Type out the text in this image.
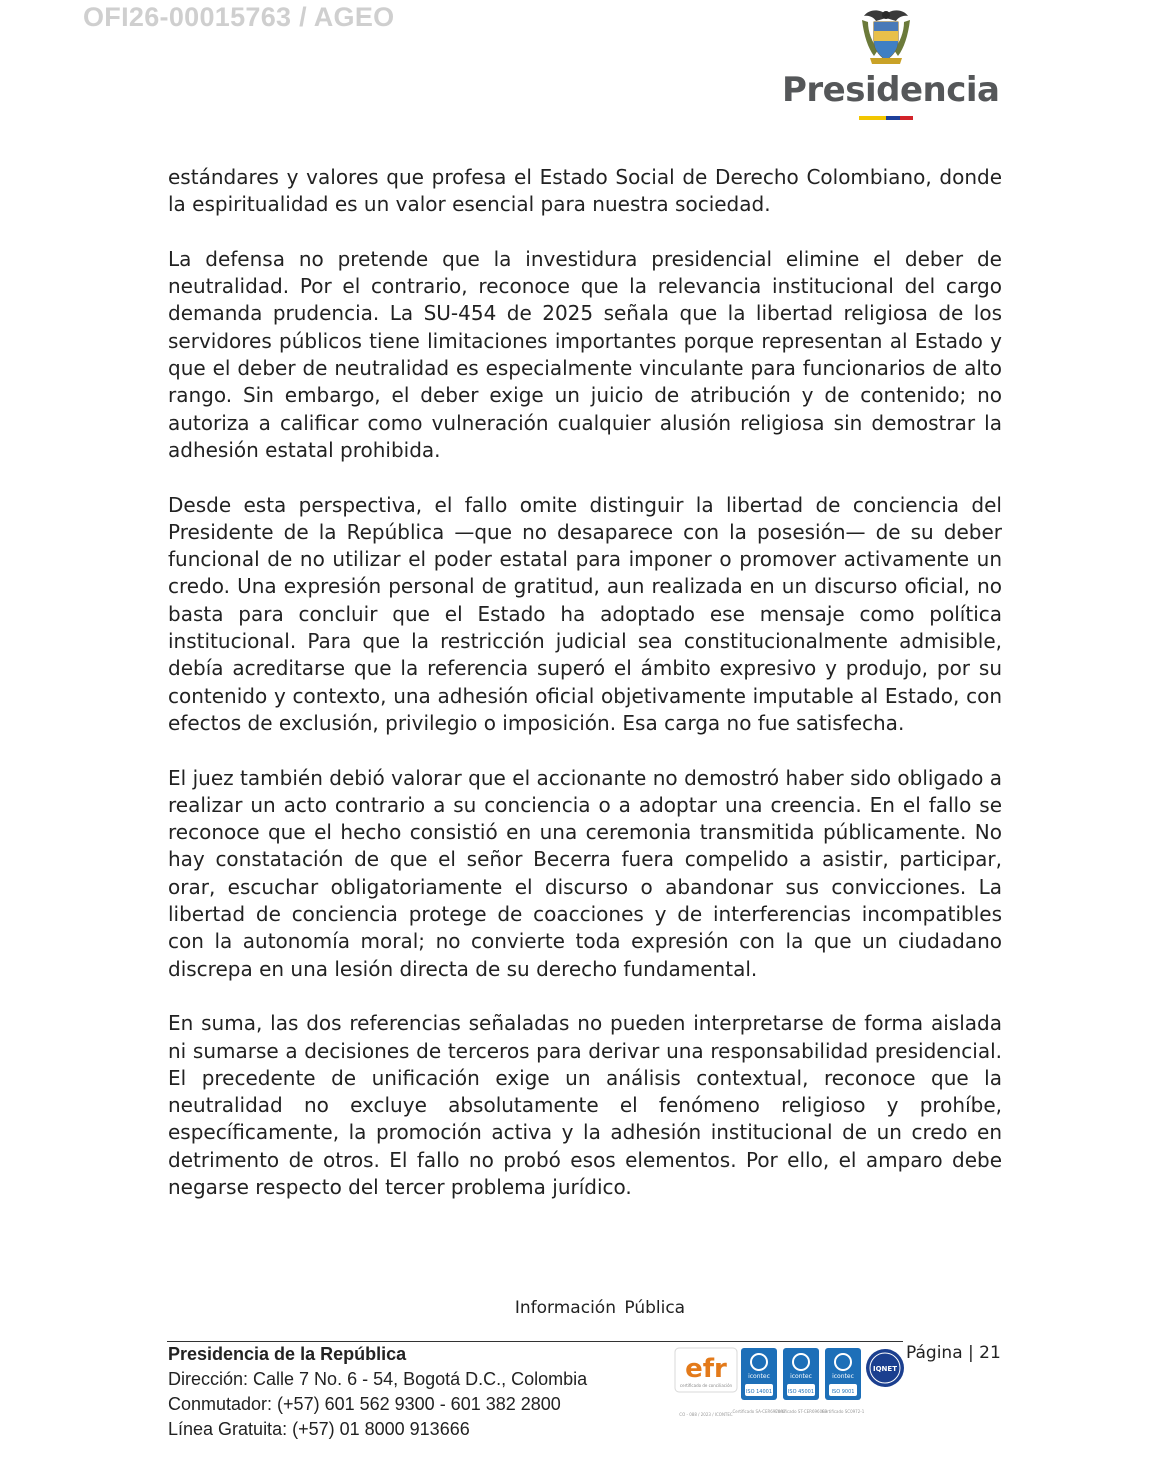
OFI26-00015763 / AGEO
Presidencia

estándares y valores que profesa el Estado Social de Derecho Colombiano, donde la espiritualidad es un valor esencial para nuestra sociedad.

La defensa no pretende que la investidura presidencial elimine el deber de neutralidad. Por el contrario, reconoce que la relevancia institucional del cargo demanda prudencia. La SU-454 de 2025 señala que la libertad religiosa de los servidores públicos tiene limitaciones importantes porque representan al Estado y que el deber de neutralidad es especialmente vinculante para funcionarios de alto rango. Sin embargo, el deber exige un juicio de atribución y de contenido; no autoriza a calificar como vulneración cualquier alusión religiosa sin demostrar la adhesión estatal prohibida.

Desde esta perspectiva, el fallo omite distinguir la libertad de conciencia del Presidente de la República —que no desaparece con la posesión— de su deber funcional de no utilizar el poder estatal para imponer o promover activamente un credo. Una expresión personal de gratitud, aun realizada en un discurso oficial, no basta para concluir que el Estado ha adoptado ese mensaje como política institucional. Para que la restricción judicial sea constitucionalmente admisible, debía acreditarse que la referencia superó el ámbito expresivo y produjo, por su contenido y contexto, una adhesión oficial objetivamente imputable al Estado, con efectos de exclusión, privilegio o imposición. Esa carga no fue satisfecha.

El juez también debió valorar que el accionante no demostró haber sido obligado a realizar un acto contrario a su conciencia o a adoptar una creencia. En el fallo se reconoce que el hecho consistió en una ceremonia transmitida públicamente. No hay constatación de que el señor Becerra fuera compelido a asistir, participar, orar, escuchar obligatoriamente el discurso o abandonar sus convicciones. La libertad de conciencia protege de coacciones y de interferencias incompatibles con la autonomía moral; no convierte toda expresión con la que un ciudadano discrepa en una lesión directa de su derecho fundamental.

En suma, las dos referencias señaladas no pueden interpretarse de forma aislada ni sumarse a decisiones de terceros para derivar una responsabilidad presidencial. El precedente de unificación exige un análisis contextual, reconoce que la neutralidad no excluye absolutamente el fenómeno religioso y prohíbe, específicamente, la promoción activa y la adhesión institucional de un credo en detrimento de otros. El fallo no probó esos elementos. Por ello, el amparo debe negarse respecto del tercer problema jurídico.

Información Pública
Presidencia de la República
Dirección: Calle 7 No. 6 - 54, Bogotá D.C., Colombia
Conmutador: (+57) 601 562 9300 - 601 382 2800
Línea Gratuita: (+57) 01 8000 913666
efr
certificado de conciliación
icontec
ISO 14001
icontec
ISO 45001
icontec
ISO 9001
IQNET
CO - 088 / 2023 / ICONTEC
Certificado SA-CER697092
Certificado ST-CER696083
Certificado SC0972-1
Página | 21
